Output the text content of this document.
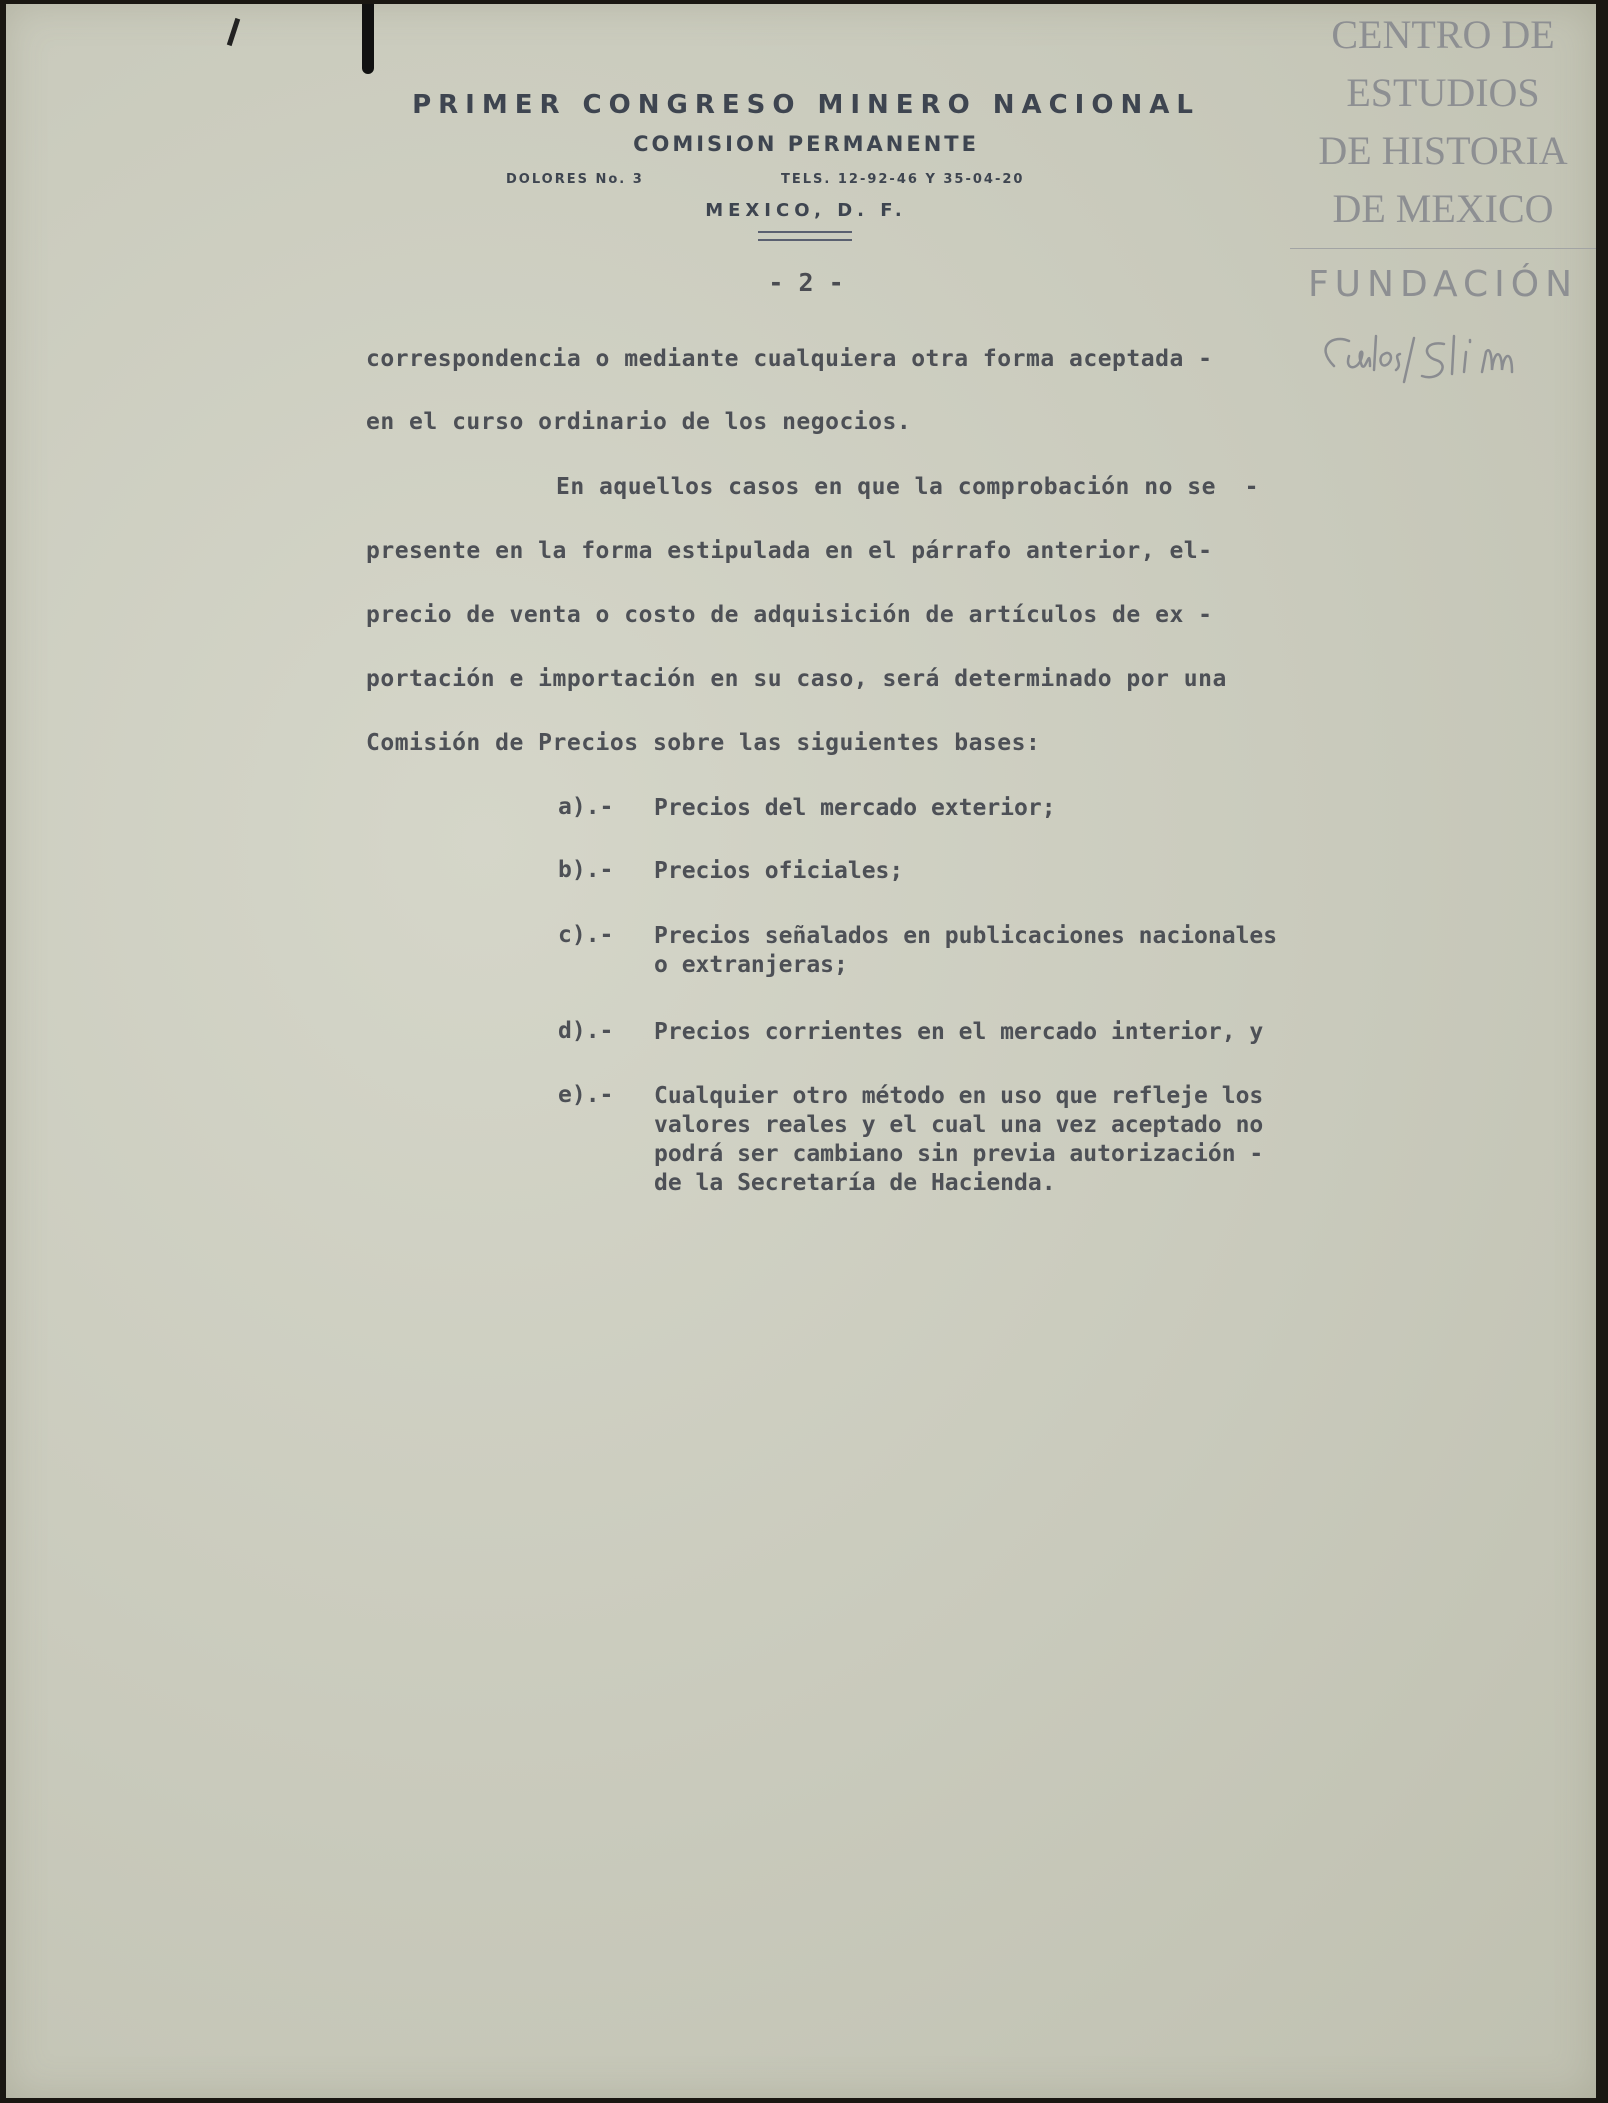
PRIMER CONGRESO MINERO NACIONAL
COMISION PERMANENTE
DOLORES No. 3	TELS. 12-92-46 Y 35-04-20
MEXICO, D. F.
CENTRO DE
ESTUDIOS
DE HISTORIA
DE MEXICO
FUNDACIÓN
- 2 -
correspondencia o mediante cualquiera otra forma aceptada -
en el curso ordinario de los negocios.
En aquellos casos en que la comprobación no se  -
presente en la forma estipulada en el párrafo anterior, el-
precio de venta o costo de adquisición de artículos de ex -
portación e importación en su caso, será determinado por una
Comisión de Precios sobre las siguientes bases:
a).- Precios del mercado exterior;
b).- Precios oficiales;
c).- Precios señalados en publicaciones nacionales
o extranjeras;
d).- Precios corrientes en el mercado interior, y
e).- Cualquier otro método en uso que refleje los
valores reales y el cual una vez aceptado no
podrá ser cambiano sin previa autorización -
de la Secretaría de Hacienda.
